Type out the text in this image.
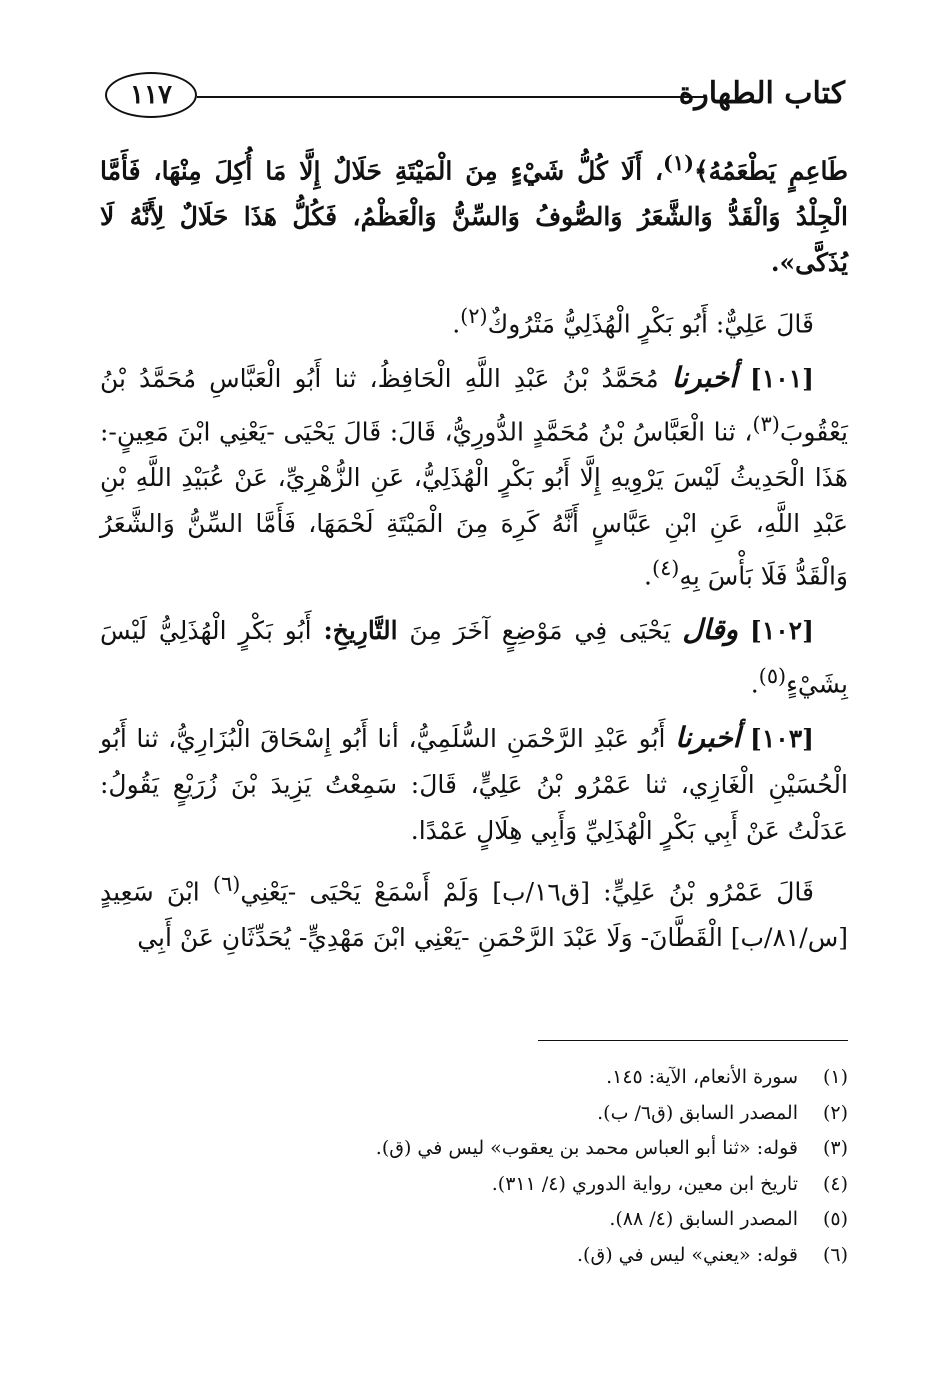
كتاب الطهارة
١١٧

طَاعِمٍ يَطْعَمُهُ﴾$^{(١)}$، أَلَا كُلُّ شَيْءٍ مِنَ الْمَيْتَةِ حَلَالٌ إِلَّا مَا أُكِلَ مِنْهَا، فَأَمَّا الْجِلْدُ وَالْقَدُّ وَالشَّعَرُ وَالصُّوفُ وَالسِّنُّ وَالْعَظْمُ، فَكُلُّ هَذَا حَلَالٌ لِأَنَّهُ لَا يُذَكَّى».

قَالَ عَلِيٌّ: أَبُو بَكْرٍ الْهُذَلِيُّ مَتْرُوكٌ$^{(٢)}$.

[١٠١] أخبرنا مُحَمَّدُ بْنُ عَبْدِ اللَّهِ الْحَافِظُ، ثنا أَبُو الْعَبَّاسِ مُحَمَّدُ بْنُ يَعْقُوبَ$^{(٣)}$، ثنا الْعَبَّاسُ بْنُ مُحَمَّدٍ الدُّورِيُّ، قَالَ: قَالَ يَحْيَى -يَعْنِي ابْنَ مَعِينٍ-: هَذَا الْحَدِيثُ لَيْسَ يَرْوِيهِ إِلَّا أَبُو بَكْرٍ الْهُذَلِيُّ، عَنِ الزُّهْرِيِّ، عَنْ عُبَيْدِ اللَّهِ بْنِ عَبْدِ اللَّهِ، عَنِ ابْنِ عَبَّاسٍ أَنَّهُ كَرِهَ مِنَ الْمَيْتَةِ لَحْمَهَا، فَأَمَّا السِّنُّ وَالشَّعَرُ وَالْقَدُّ فَلَا بَأْسَ بِهِ$^{(٤)}$.

[١٠٢] وقال يَحْيَى فِي مَوْضِعٍ آخَرَ مِنَ التَّارِيخِ: أَبُو بَكْرٍ الْهُذَلِيُّ لَيْسَ بِشَيْءٍ$^{(٥)}$.

[١٠٣] أخبرنا أَبُو عَبْدِ الرَّحْمَنِ السُّلَمِيُّ، أنا أَبُو إِسْحَاقَ الْبُزَارِيُّ، ثنا أَبُو الْحُسَيْنِ الْغَازِي، ثنا عَمْرُو بْنُ عَلِيٍّ، قَالَ: سَمِعْتُ يَزِيدَ بْنَ زُرَيْعٍ يَقُولُ: عَدَلْتُ عَنْ أَبِي بَكْرٍ الْهُذَلِيِّ وَأَبِي هِلَالٍ عَمْدًا.

قَالَ عَمْرُو بْنُ عَلِيٍّ: [ق١٦/ب] وَلَمْ أَسْمَعْ يَحْيَى -يَعْنِي$^{(٦)}$ ابْنَ سَعِيدٍ [س/٨١/ب] الْقَطَّانَ- وَلَا عَبْدَ الرَّحْمَنِ -يَعْنِي ابْنَ مَهْدِيٍّ- يُحَدِّثَانِ عَنْ أَبِي

(١)
سورة الأنعام، الآية: ١٤٥.
(٢)
المصدر السابق (ق٦/ ب).
(٣)
قوله: «ثنا أبو العباس محمد بن يعقوب» ليس في (ق).
(٤)
تاريخ ابن معين، رواية الدوري (٤/ ٣١١).
(٥)
المصدر السابق (٤/ ٨٨).
(٦)
قوله: «يعني» ليس في (ق).
